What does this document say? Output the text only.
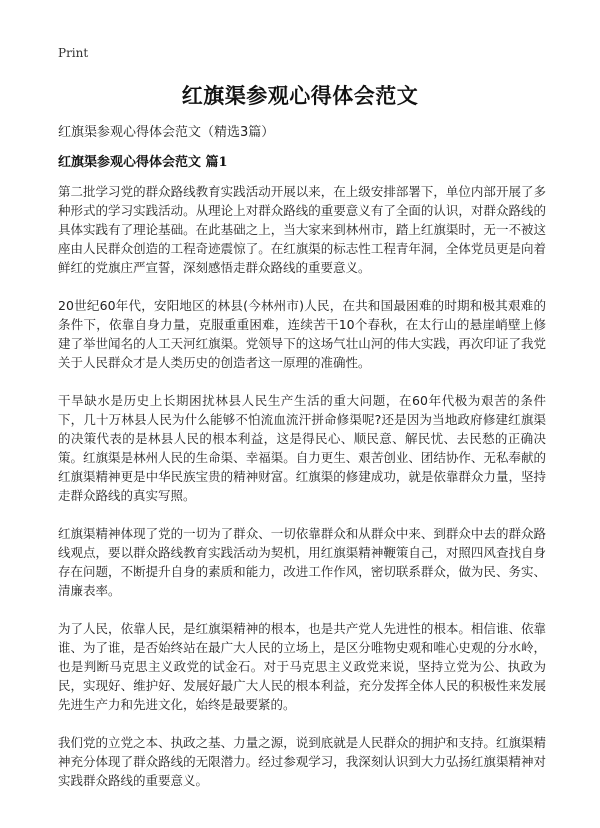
Print
红旗渠参观心得体会范文
红旗渠参观心得体会范文（精选3篇）
红旗渠参观心得体会范文 篇1

第二批学习党的群众路线教育实践活动开展以来，在上级安排部署下，单位内部开展了多种形式的学习实践活动。从理论上对群众路线的重要意义有了全面的认识，对群众路线的具体实践有了理论基础。在此基础之上，当大家来到林州市，踏上红旗渠时，无一不被这座由人民群众创造的工程奇迹震惊了。在红旗渠的标志性工程青年洞，全体党员更是向着鲜红的党旗庄严宣誓，深刻感悟走群众路线的重要意义。

20世纪60年代，安阳地区的林县(今林州市)人民，在共和国最困难的时期和极其艰难的条件下，依靠自身力量，克服重重困难，连续苦干10个春秋，在太行山的悬崖峭壁上修建了举世闻名的人工天河红旗渠。党领导下的这场气壮山河的伟大实践，再次印证了我党关于人民群众才是人类历史的创造者这一原理的准确性。

干旱缺水是历史上长期困扰林县人民生产生活的重大问题，在60年代极为艰苦的条件下，几十万林县人民为什么能够不怕流血流汗拼命修渠呢?还是因为当地政府修建红旗渠的决策代表的是林县人民的根本利益，这是得民心、顺民意、解民忧、去民愁的正确决策。红旗渠是林州人民的生命渠、幸福渠。自力更生、艰苦创业、团结协作、无私奉献的红旗渠精神更是中华民族宝贵的精神财富。红旗渠的修建成功，就是依靠群众力量，坚持走群众路线的真实写照。

红旗渠精神体现了党的一切为了群众、一切依靠群众和从群众中来、到群众中去的群众路线观点，要以群众路线教育实践活动为契机，用红旗渠精神鞭策自己，对照四风查找自身存在问题，不断提升自身的素质和能力，改进工作作风，密切联系群众，做为民、务实、清廉表率。

为了人民，依靠人民，是红旗渠精神的根本，也是共产党人先进性的根本。相信谁、依靠谁、为了谁，是否始终站在最广大人民的立场上，是区分唯物史观和唯心史观的分水岭，也是判断马克思主义政党的试金石。对于马克思主义政党来说，坚持立党为公、执政为民，实现好、维护好、发展好最广大人民的根本利益，充分发挥全体人民的积极性来发展先进生产力和先进文化，始终是最要紧的。

我们党的立党之本、执政之基、力量之源，说到底就是人民群众的拥护和支持。红旗渠精神充分体现了群众路线的无限潜力。经过参观学习，我深刻认识到大力弘扬红旗渠精神对实践群众路线的重要意义。
